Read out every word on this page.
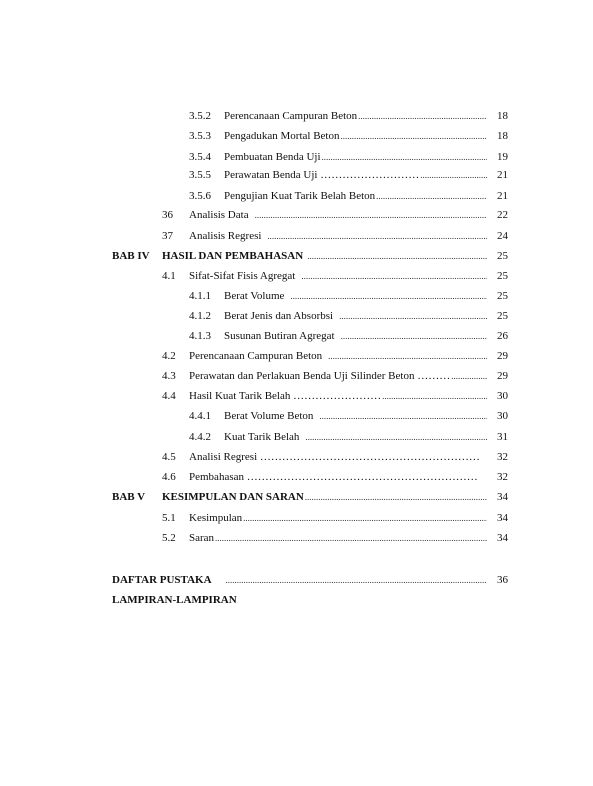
3.5.2	Perencanaan Campuran Beton .....	18
3.5.3	Pengadukan Mortal Beton .....	18
3.5.4	Pembuatan Benda Uji .....	19
3.5.5	Perawatan Benda Uji ……………………… .....	21
3.5.6	Pengujian Kuat Tarik Belah Beton .....	21
36	Analisis Data .....	22
37	Analisis Regresi .....	24
BAB IV	HASIL DAN PEMBAHASAN .....	25
4.1	Sifat-Sifat Fisis Agregat .....	25
4.1.1	Berat Volume .....	25
4.1.2	Berat Jenis dan Absorbsi .....	25
4.1.3	Susunan Butiran Agregat .....	26
4.2	Perencanaan Campuran Beton .....	29
4.3	Perawatan dan Perlakuan Benda Uji Silinder Beton ……… .....	29
4.4	Hasil Kuat Tarik Belah …………………… .....	30
4.4.1	Berat Volume Beton .....	30
4.4.2	Kuat Tarik Belah .....	31
4.5	Analisi Regresi …………………………………………………… 32
4.6	Pembahasan ……………………………………………………… 32
BAB V	KESIMPULAN DAN SARAN .....	34
5.1	Kesimpulan .....	34
5.2	Saran .....	34
DAFTAR PUSTAKA .....	36
LAMPIRAN-LAMPIRAN
